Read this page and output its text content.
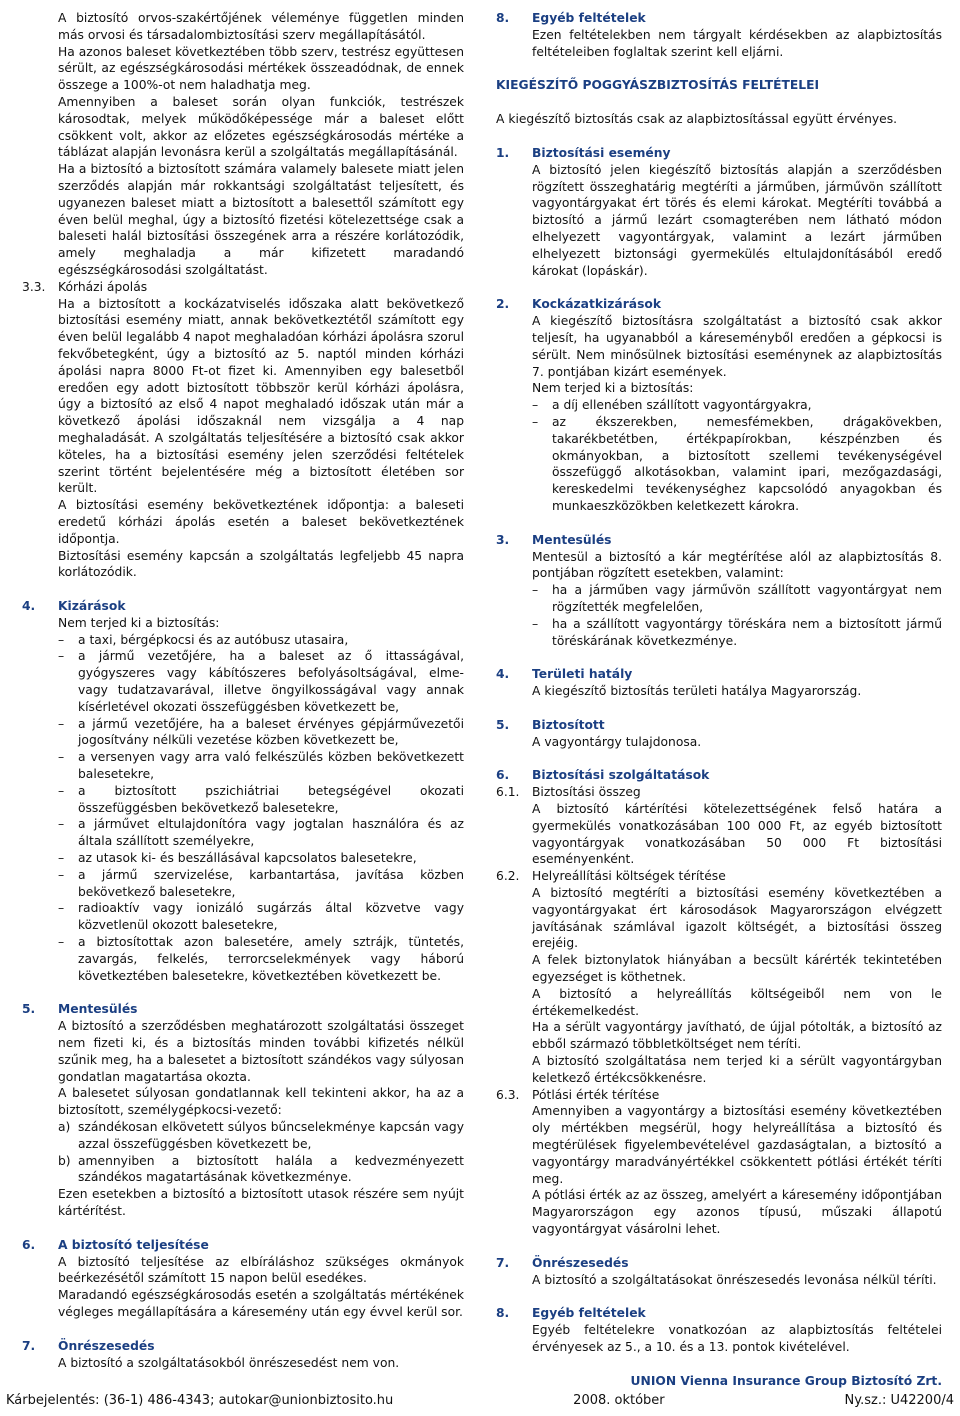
A biztosító orvos-szakértőjének véleménye független minden más orvosi és társadalombiztosítási szerv megállapításától.

Ha azonos baleset következtében több szerv, testrész együttesen sérült, az egészségkárosodási mértékek összeadódnak, de ennek összege a 100%-ot nem haladhatja meg.

Amennyiben a baleset során olyan funkciók, testrészek károsodtak, melyek működőképessége már a baleset előtt csökkent volt, akkor az előzetes egészségkárosodás mértéke a táblázat alapján levonásra kerül a szolgáltatás megállapításánál.

Ha a biztosító a biztosított számára valamely balesete miatt jelen szerződés alapján már rokkantsági szolgáltatást teljesített, és ugyanezen baleset miatt a biztosított a balesettől számított egy éven belül meghal, úgy a biztosító fizetési kötelezettsége csak a baleseti halál biztosítási összegének arra a részére korlátozódik, amely meghaladja a már kifizetett maradandó egészségkárosodási szolgáltatást.

3.3.	Kórházi ápolás

Ha a biztosított a kockázatviselés időszaka alatt bekövetkező biztosítási esemény miatt, annak bekövetkeztétől számított egy éven belül legalább 4 napot meghaladóan kórházi ápolásra szorul fekvőbetegként, úgy a biztosító az 5. naptól minden kórházi ápolási napra 8000 Ft-ot fizet ki. Amennyiben egy balesetből eredően egy adott biztosított többször kerül kórházi ápolásra, úgy a biztosító az első 4 napot meghaladó időszak után már a következő ápolási időszaknál nem vizsgálja a 4 nap meghaladását. A szolgáltatás teljesítésére a biztosító csak akkor köteles, ha a biztosítási esemény jelen szerződési feltételek szerint történt bejelentésére még a biztosított életében sor került.

A biztosítási esemény bekövetkeztének időpontja: a baleseti eredetű kórházi ápolás esetén a baleset bekövetkeztének időpontja.

Biztosítási esemény kapcsán a szolgáltatás legfeljebb 45 napra korlátozódik.

4.	Kizárások

Nem terjed ki a biztosítás:

– a taxi, bérgépkocsi és az autóbusz utasaira,
– a jármű vezetőjére, ha a baleset az ő ittasságával, gyógyszeres vagy kábítószeres befolyásoltságával, elme- vagy tudatzavarával, illetve öngyilkosságával vagy annak kísérletével okozati összefüggésben következett be,
– a jármű vezetőjére, ha a baleset érvényes gépjárművezetői jogosítvány nélküli vezetése közben következett be,
– a versenyen vagy arra való felkészülés közben bekövetkezett balesetekre,
– a biztosított pszichiátriai betegségével okozati összefüggésben bekövetkező balesetekre,
– a járművet eltulajdonítóra vagy jogtalan használóra és az általa szállított személyekre,
– az utasok ki- és beszállásával kapcsolatos balesetekre,
– a jármű szervizelése, karbantartása, javítása közben bekövetkező balesetekre,
– radioaktív vagy ionizáló sugárzás által közvetve vagy közvetlenül okozott balesetekre,
– a biztosítottak azon balesetére, amely sztrájk, tüntetés, zavargás, felkelés, terrorcselekmények vagy háború következtében balesetekre, következtében következett be.
5.	Mentesülés

A biztosító a szerződésben meghatározott szolgáltatási összeget nem fizeti ki, és a biztosítás minden további kifizetés nélkül szűnik meg, ha a balesetet a biztosított szándékos vagy súlyosan gondatlan magatartása okozta.

A balesetet súlyosan gondatlannak kell tekinteni akkor, ha az a biztosított, személygépkocsi-vezető:

a) szándékosan elkövetett súlyos bűncselekménye kapcsán vagy azzal összefüggésben következett be,
b) amennyiben a biztosított halála a kedvezményezett szándékos magatartásának következménye.

Ezen esetekben a biztosító a biztosított utasok részére sem nyújt kártérítést.

6.	A biztosító teljesítése

A biztosító teljesítése az elbíráláshoz szükséges okmányok beérkezésétől számított 15 napon belül esedékes.

Maradandó egészségkárosodás esetén a szolgáltatás mértékének végleges megállapítására a káresemény után egy évvel kerül sor.

7.	Önrészesedés

A biztosító a szolgáltatásokból önrészesedést nem von.

8.	Egyéb feltételek

Ezen feltételekben nem tárgyalt kérdésekben az alapbiztosítás feltételeiben foglaltak szerint kell eljárni.

KIEGÉSZÍTŐ POGGYÁSZBIZTOSÍTÁS FELTÉTELEI

A kiegészítő biztosítás csak az alapbiztosítással együtt érvényes.

1.	Biztosítási esemény

A biztosító jelen kiegészítő biztosítás alapján a szerződésben rögzített összeghatárig megtéríti a járműben, járművön szállított vagyontárgyakat ért törés és elemi károkat. Megtéríti továbbá a biztosító a jármű lezárt csomagterében nem látható módon elhelyezett vagyontárgyak, valamint a lezárt járműben elhelyezett biztonsági gyermekülés eltulajdonításából eredő károkat (lopáskár).

2.	Kockázatkizárások

A kiegészítő biztosításra szolgáltatást a biztosító csak akkor teljesít, ha ugyanabból a káreseményből eredően a gépkocsi is sérült. Nem minősülnek biztosítási eseménynek az alapbiztosítás 7. pontjában kizárt események.

Nem terjed ki a biztosítás:

– a díj ellenében szállított vagyontárgyakra,
– az ékszerekben, nemesfémekben, drágakövekben, takarékbetétben, értékpapírokban, készpénzben és okmányokban, a biztosított szellemi tevékenységével összefüggő alkotásokban, valamint ipari, mezőgazdasági, kereskedelmi tevékenységhez kapcsolódó anyagokban és munkaeszközökben keletkezett károkra.
3.	Mentesülés

Mentesül a biztosító a kár megtérítése alól az alapbiztosítás 8. pontjában rögzített esetekben, valamint:

– ha a járműben vagy járművön szállított vagyontárgyat nem rögzítették megfelelően,
– ha a szállított vagyontárgy töréskára nem a biztosított jármű töréskárának következménye.
4.	Területi hatály

A kiegészítő biztosítás területi hatálya Magyarország.

5.	Biztosított

A vagyontárgy tulajdonosa.

6.	Biztosítási szolgáltatások
6.1.	Biztosítási összeg

A biztosító kártérítési kötelezettségének felső határa a gyermekülés vonatkozásában 100 000 Ft, az egyéb biztosított vagyontárgyak vonatkozásában 50 000 Ft biztosítási eseményenként.

6.2.	Helyreállítási költségek térítése

A biztosító megtéríti a biztosítási esemény következtében a vagyontárgyakat ért károsodások Magyarországon elvégzett javításának számlával igazolt költségét, a biztosítási összeg erejéig.

A felek biztonylatok hiányában a becsült kárérték tekintetében egyezséget is köthetnek.

A biztosító a helyreállítás költségeiből nem von le értékemelkedést.

Ha a sérült vagyontárgy javítható, de újjal pótolták, a biztosító az ebből származó többletköltséget nem téríti.

A biztosító szolgáltatása nem terjed ki a sérült vagyontárgyban keletkező értékcsökkenésre.

6.3.	Pótlási érték térítése

Amennyiben a vagyontárgy a biztosítási esemény következtében oly mértékben megsérül, hogy helyreállítása a biztosító és megtérülések figyelembevételével gazdaságtalan, a biztosító a vagyontárgy maradványértékkel csökkentett pótlási értékét téríti meg.

A pótlási érték az az összeg, amelyért a káresemény időpontjában Magyarországon egy azonos típusú, műszaki állapotú vagyontárgyat vásárolni lehet.

7.	Önrészesedés

A biztosító a szolgáltatásokat önrészesedés levonása nélkül téríti.

8.	Egyéb feltételek

Egyéb feltételekre vonatkozóan az alapbiztosítás feltételei érvényesek az 5., a 10. és a 13. pontok kivételével.

UNION Vienna Insurance Group Biztosító Zrt.
Kárbejelentés: (36-1) 486-4343; autokar@unionbiztosito.hu	2008. október	Ny.sz.: U42200/4
